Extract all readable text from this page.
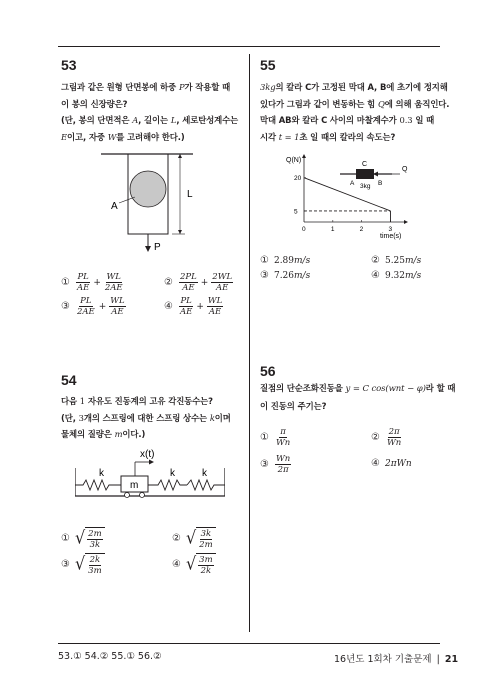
53

그림과 같은 원형 단면봉에 하중 P가 작용할 때

이 봉의 신장량은?

(단, 봉의 단면적은 A, 길이는 L, 세로탄성계수는

E이고, 자중 W를 고려해야 한다.)

L
A
P
① $\frac{PL}{AE} + \frac{WL}{2AE}$	② $\frac{2PL}{AE} + \frac{2WL}{AE}$
③ $\frac{PL}{2AE} + \frac{WL}{AE}$	④ $\frac{PL}{AE} + \frac{WL}{AE}$
54

다음 1 자유도 진동계의 고유 각진동수는?

(단, 3개의 스프링에 대한 스프링 상수는 k이며

물체의 질량은 m이다.)

x(t)
k	k	k
m
① √ $\frac{2m}{3k}$	② √ $\frac{3k}{2m}$
③ √ $\frac{2k}{3m}$	④ √ $\frac{3m}{2k}$
55

3kg의 칼라 C가 고정된 막대 A, B에 초기에 정지해

있다가 그림과 같이 변동하는 힘 Q에 의해 움직인다.

막대 AB와 칼라 C 사이의 마찰계수가 0.3 일 때

시각 t = 1초 일 때의 칼라의 속도는?

0	1	2	3
5
20
Q(N)
time(s)
C
Q
A	B
3kg
① 2.89 m/s	② 5.25 m/s
③ 7.26 m/s	④ 9.32 m/s
56

질점의 단순조화진동을 y = C cos(wnt − φ)라 할 때

이 진동의 주기는?

① $\frac{\pi}{Wn}$	② $\frac{2\pi}{Wn}$
③ $\frac{Wn}{2\pi}$	④ 2πWn
53.① 54.② 55.① 56.②	16년도 1회차 기출문제 | 21
